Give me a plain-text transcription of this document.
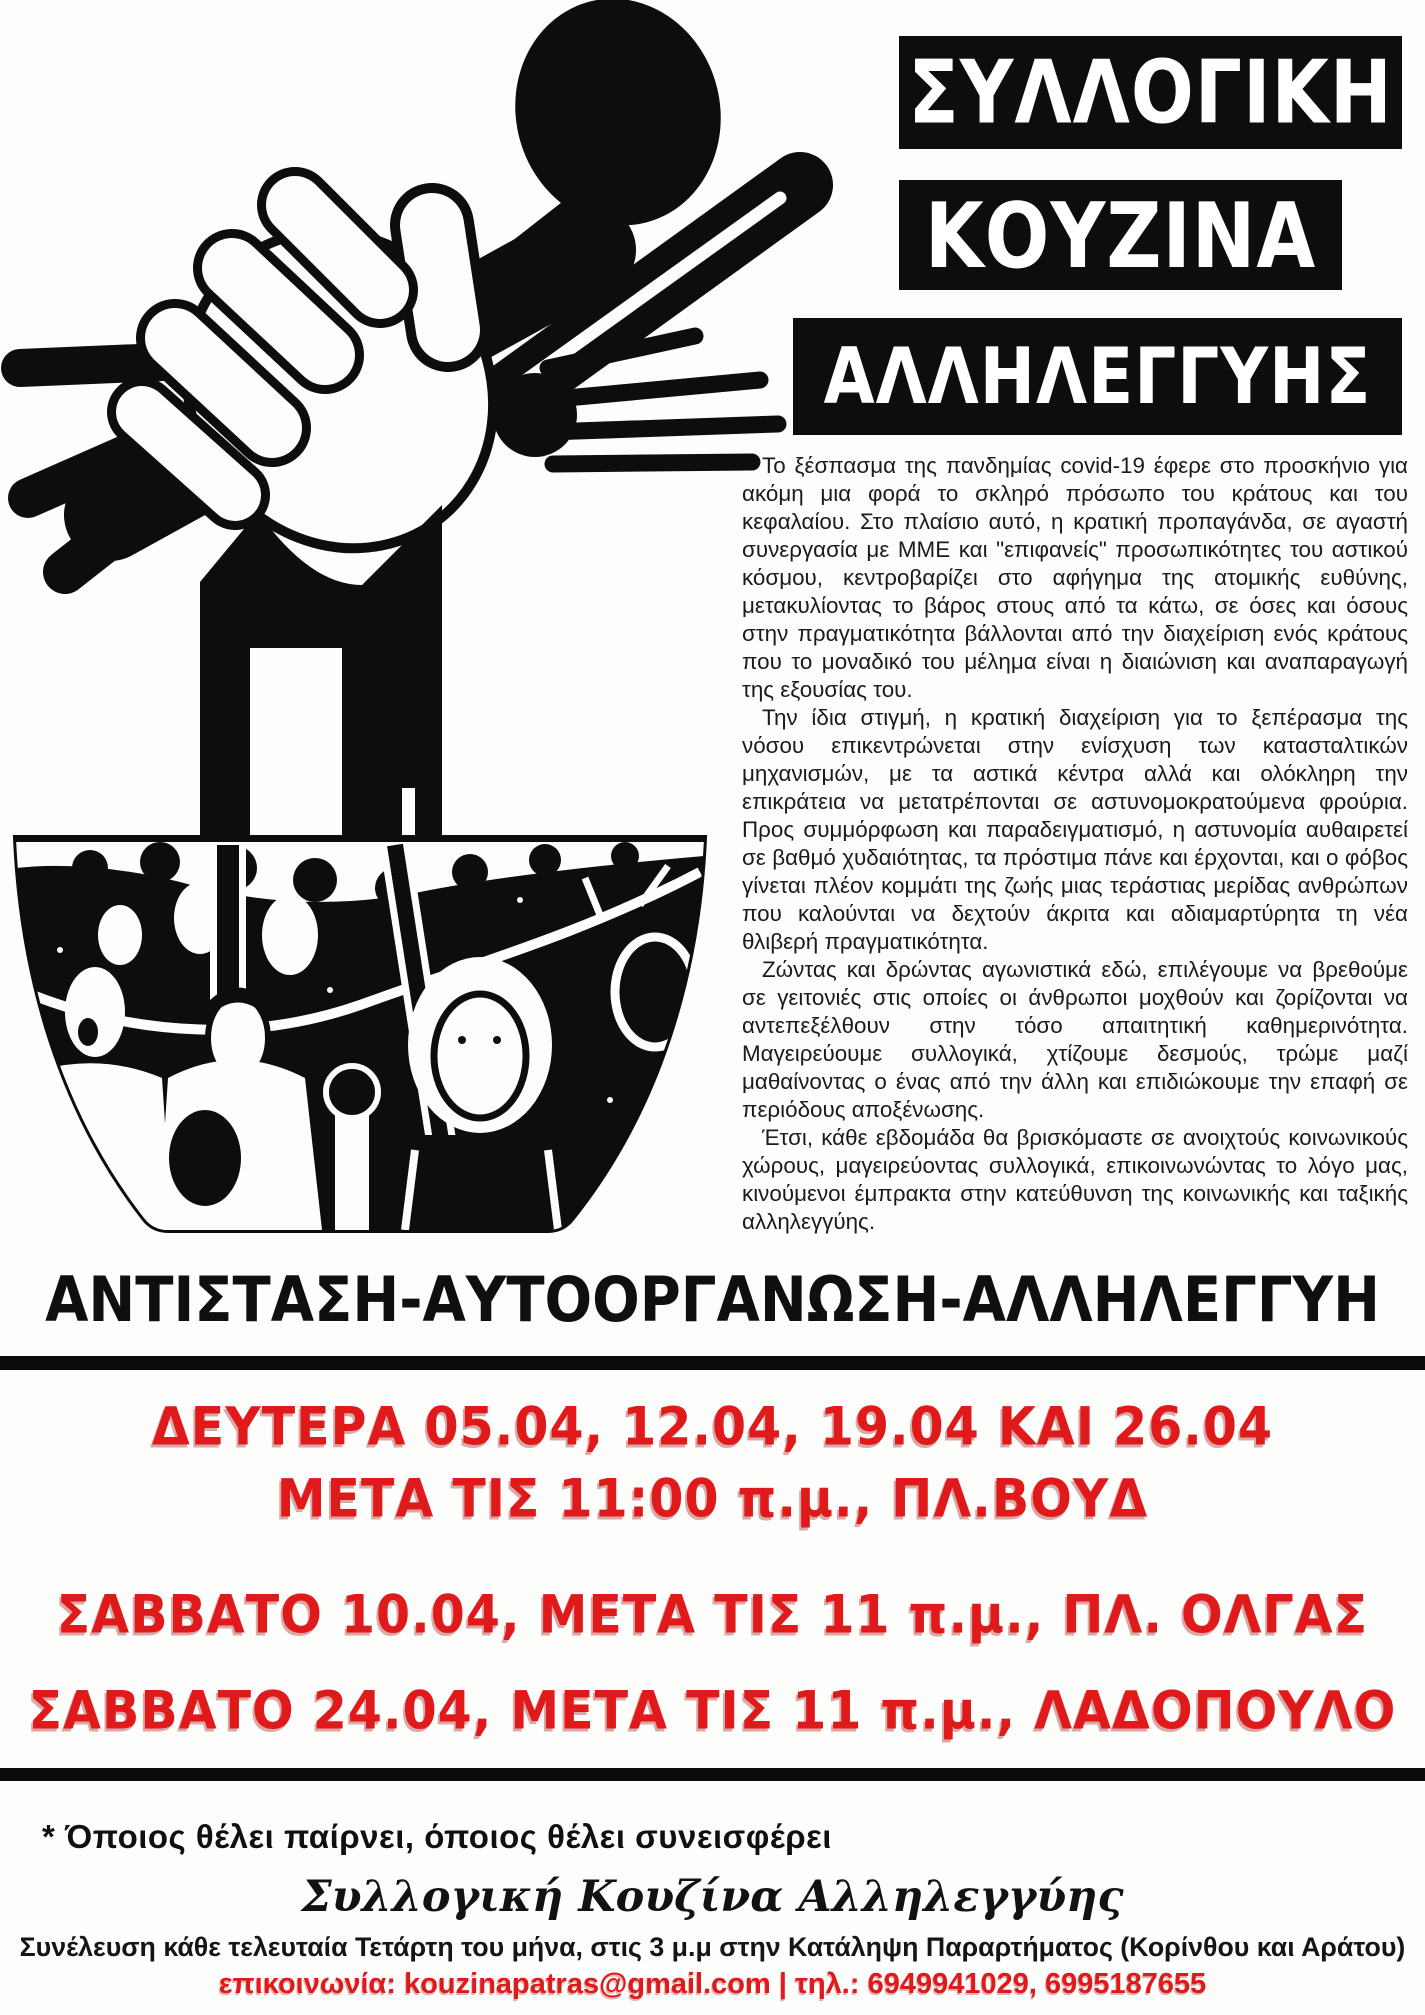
ΣΥΛΛΟΓΙΚΗ
ΚΟΥΖΙΝΑ
ΑΛΛΗΛΕΓΓΥΗΣ

Το ξέσπασμα της πανδημίας covid-19 έφερε στο προσκήνιο για ακόμη μια φορά το σκληρό πρόσωπο του κράτους και του κεφαλαίου. Στο πλαίσιο αυτό, η κρατική προπαγάνδα, σε αγαστή συνεργασία με ΜΜΕ και "επιφανείς" προσωπικότητες του αστικού κόσμου, κεντροβαρίζει στο αφήγημα της ατομικής ευθύνης, μετακυλίοντας το βάρος στους από τα κάτω, σε όσες και όσους στην πραγματικότητα βάλλονται από την διαχείριση ενός κράτους που το μοναδικό του μέλημα είναι η διαιώνιση και αναπαραγωγή της εξουσίας του.

Την ίδια στιγμή, η κρατική διαχείριση για το ξεπέρασμα της νόσου επικεντρώνεται στην ενίσχυση των κατασταλτικών μηχανισμών, με τα αστικά κέντρα αλλά και ολόκληρη την επικράτεια να μετατρέπονται σε αστυνομοκρατούμενα φρούρια. Προς συμμόρφωση και παραδειγματισμό, η αστυνομία αυθαιρετεί σε βαθμό χυδαιότητας, τα πρόστιμα πάνε και έρχονται, και ο φόβος γίνεται πλέον κομμάτι της ζωής μιας τεράστιας μερίδας ανθρώπων που καλούνται να δεχτούν άκριτα και αδιαμαρτύρητα τη νέα θλιβερή πραγματικότητα.

Ζώντας και δρώντας αγωνιστικά εδώ, επιλέγουμε να βρεθούμε σε γειτονιές στις οποίες οι άνθρωποι μοχθούν και ζορίζονται να αντεπεξέλθουν στην τόσο απαιτητική καθημερινότητα. Μαγειρεύουμε συλλογικά, χτίζουμε δεσμούς, τρώμε μαζί μαθαίνοντας ο ένας από την άλλη και επιδιώκουμε την επαφή σε περιόδους αποξένωσης.

Έτσι, κάθε εβδομάδα θα βρισκόμαστε σε ανοιχτούς κοινωνικούς χώρους, μαγειρεύοντας συλλογικά, επικοινωνώντας το λόγο μας, κινούμενοι έμπρακτα στην κατεύθυνση της κοινωνικής και ταξικής αλληλεγγύης.

ΑΝΤΙΣΤΑΣΗ-ΑΥΤΟΟΡΓΑΝΩΣΗ-ΑΛΛΗΛΕΓΓΥΗ
ΔΕΥΤΕΡΑ 05.04, 12.04, 19.04 ΚΑΙ 26.04
ΜΕΤΑ ΤΙΣ 11:00 π.μ., ΠΛ.ΒΟΥΔ
ΣΑΒΒΑΤΟ 10.04, ΜΕΤΑ ΤΙΣ 11 π.μ., ΠΛ. ΟΛΓΑΣ
ΣΑΒΒΑΤΟ 24.04, ΜΕΤΑ ΤΙΣ 11 π.μ., ΛΑΔΟΠΟΥΛΟ
* Όποιος θέλει παίρνει, όποιος θέλει συνεισφέρει
Συλλογική Κουζίνα Αλληλεγγύης
Συνέλευση κάθε τελευταία Τετάρτη του μήνα, στις 3 μ.μ στην Κατάληψη Παραρτήματος (Κορίνθου και Αράτου)
επικοινωνία: kouzinapatras@gmail.com | τηλ.: 6949941029, 6995187655
